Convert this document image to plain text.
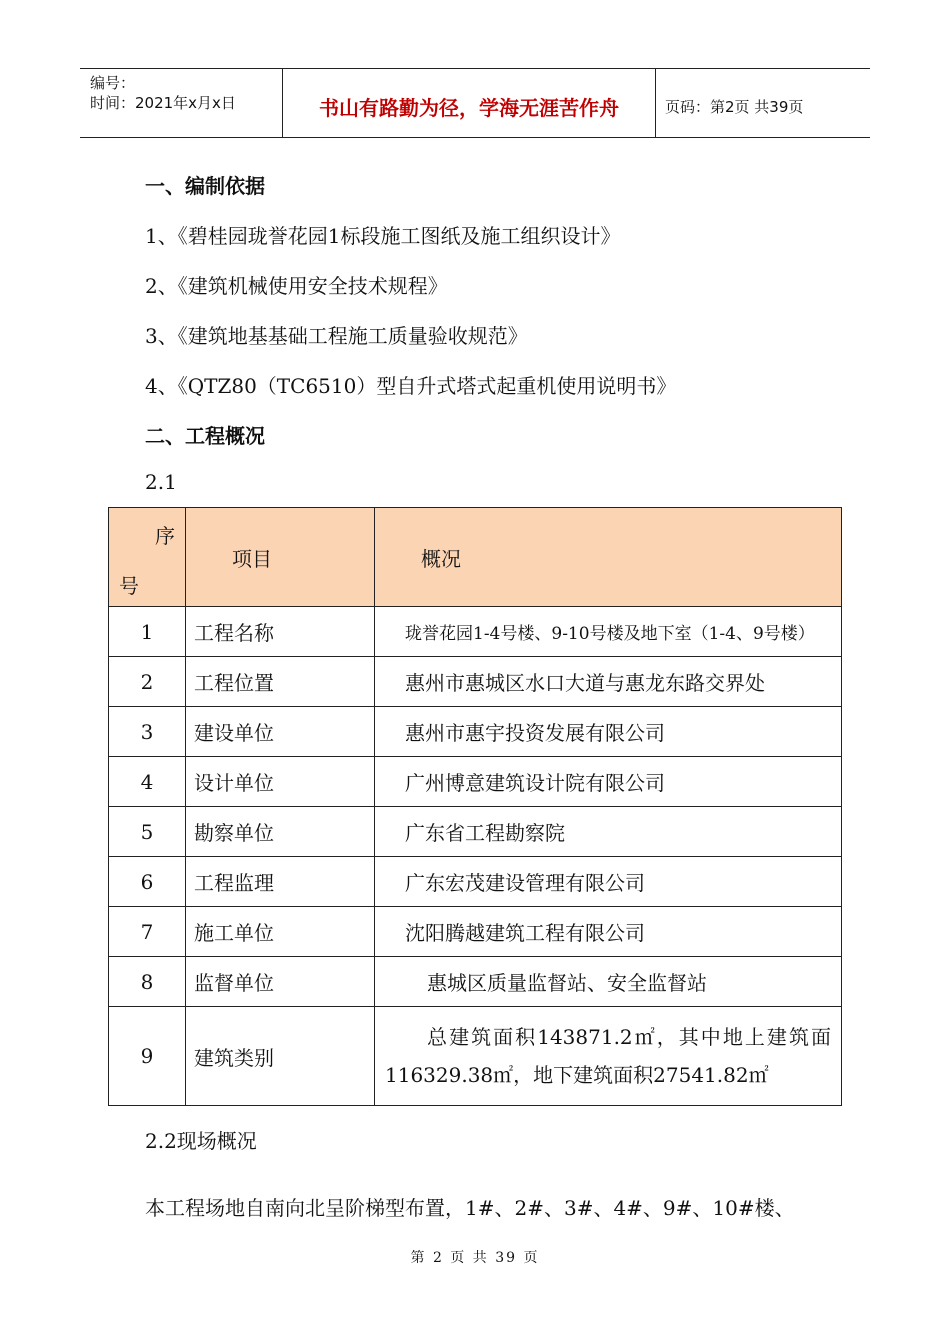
编号：
时间：2021年x月x日	书山有路勤为径，学海无涯苦作舟	页码：第2页 共39页
一、编制依据
1、《碧桂园珑誉花园1标段施工图纸及施工组织设计》
2、《建筑机械使用安全技术规程》
3、《建筑地基基础工程施工质量验收规范》
4、《QTZ80（TC6510）型自升式塔式起重机使用说明书》
二、工程概况
2.1
序
号	项目	概况
1	工程名称	珑誉花园1-4号楼、9-10号楼及地下室（1-4、9号楼）
2	工程位置	惠州市惠城区水口大道与惠龙东路交界处
3	建设单位	惠州市惠宇投资发展有限公司
4	设计单位	广州博意建筑设计院有限公司
5	勘察单位	广东省工程勘察院
6	工程监理	广东宏茂建设管理有限公司
7	施工单位	沈阳腾越建筑工程有限公司
8	监督单位	惠城区质量监督站、安全监督站
9	建筑类别	总建筑面积143871.2㎡，其中地上建筑面116329.38㎡，地下建筑面积27541.82㎡
2.2现场概况
本工程场地自南向北呈阶梯型布置，1#、2#、3#、4#、9#、10#楼、
第 2 页 共 39 页
